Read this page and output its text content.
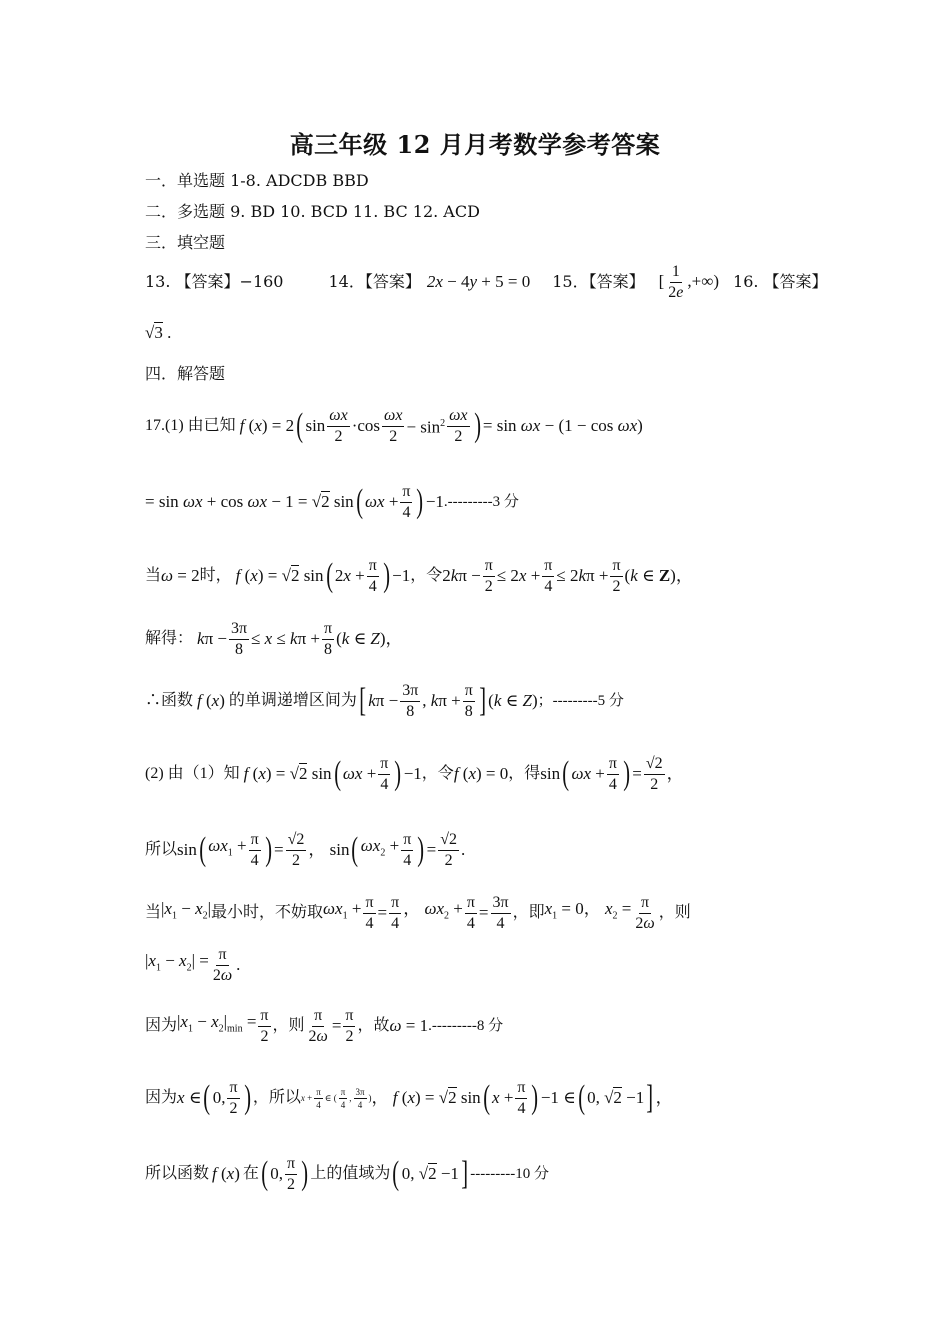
高三年级 12 月月考数学参考答案
一．单选题 1-8. ADCDB BBD
二．多选题 9. BD 10. BCD 11. BC 12. ACD
三．填空题
13. 【答案】−160	14．【答案】 2x − 4y + 5 = 0 15．【答案】 [ $\frac{1}{2e}$ ,+∞) 16. 【答案】
√3 .
四．解答题
17.(1) 由已知 f (x) = 2 ( $\sin \frac{\omega x}{2} \cdot\cos \frac{\omega x}{2} - \sin^2 \frac{\omega x}{2}$ ) = sin ωx − (1 − cos ωx)
= sin ωx + cos ωx − 1 = √2 sin ( $\omega x + \frac{\pi}{4}$ ) −1 .---------3 分
当 ω = 2 时， f (x) = √2 sin ( $2x + \frac{\pi}{4}$ ) −1 ，令 $2k\pi - \frac{\pi}{2} \le 2x + \frac{\pi}{4} \le 2k\pi + \frac{\pi}{2} (k$ ∈ Z)，
解得： $k\pi - \frac{3\pi}{8} \le x \le k\pi + \frac{\pi}{8} (k$ ∈ Z)，
∴函数 f (x) 的单调递增区间为 [ $k\pi - \frac{3\pi}{8}$ , $k\pi + \frac{\pi}{8}$ ] (k ∈ Z) ；---------5 分
(2) 由（1）知 f (x) = √2 sin ( $\omega x + \frac{\pi}{4}$ ) −1 ，令 f (x) = 0 ，得 sin ( $\omega x + \frac{\pi}{4}$ ) = $\frac{√2}{2}$ ，
所以 sin ( $\omega x_1 + \frac{\pi}{4}$ ) = $\frac{√2}{2}$ ， sin ( $\omega x_2 + \frac{\pi}{4}$ ) = $\frac{√2}{2}$ .
当 $|x_1 - x_2|$ 最小时，不妨取 $\omega x_1 + \frac{\pi}{4} = \frac{\pi}{4}$ ， $\omega x_2 + \frac{\pi}{4} = \frac{3\pi}{4}$ ，即 $x_1 = 0$， $x_2 = \frac{\pi}{2\omega}$ ，则
$|x_1 - x_2| = \frac{\pi}{2\omega}$ .
因为 $|x_1 - x_2|_{min} = \frac{\pi}{2}$ ，则 $\frac{\pi}{2\omega} = \frac{\pi}{2}$ ，故 ω = 1 .---------8 分
因为 x ∈ ( 0, $\frac{\pi}{2}$ ) ，所以 $x + \frac{\pi}{4}$ ∈ ( $\frac{\pi}{4}$ , $\frac{3\pi}{4}$ ) ， f (x) = √2 sin ( $x + \frac{\pi}{4}$ ) −1 ∈ ( 0, √2 −1 ] ，
所以函数 f (x) 在 ( 0, $\frac{\pi}{2}$ ) 上的值域为 ( 0, √2 −1 ] ---------10 分
